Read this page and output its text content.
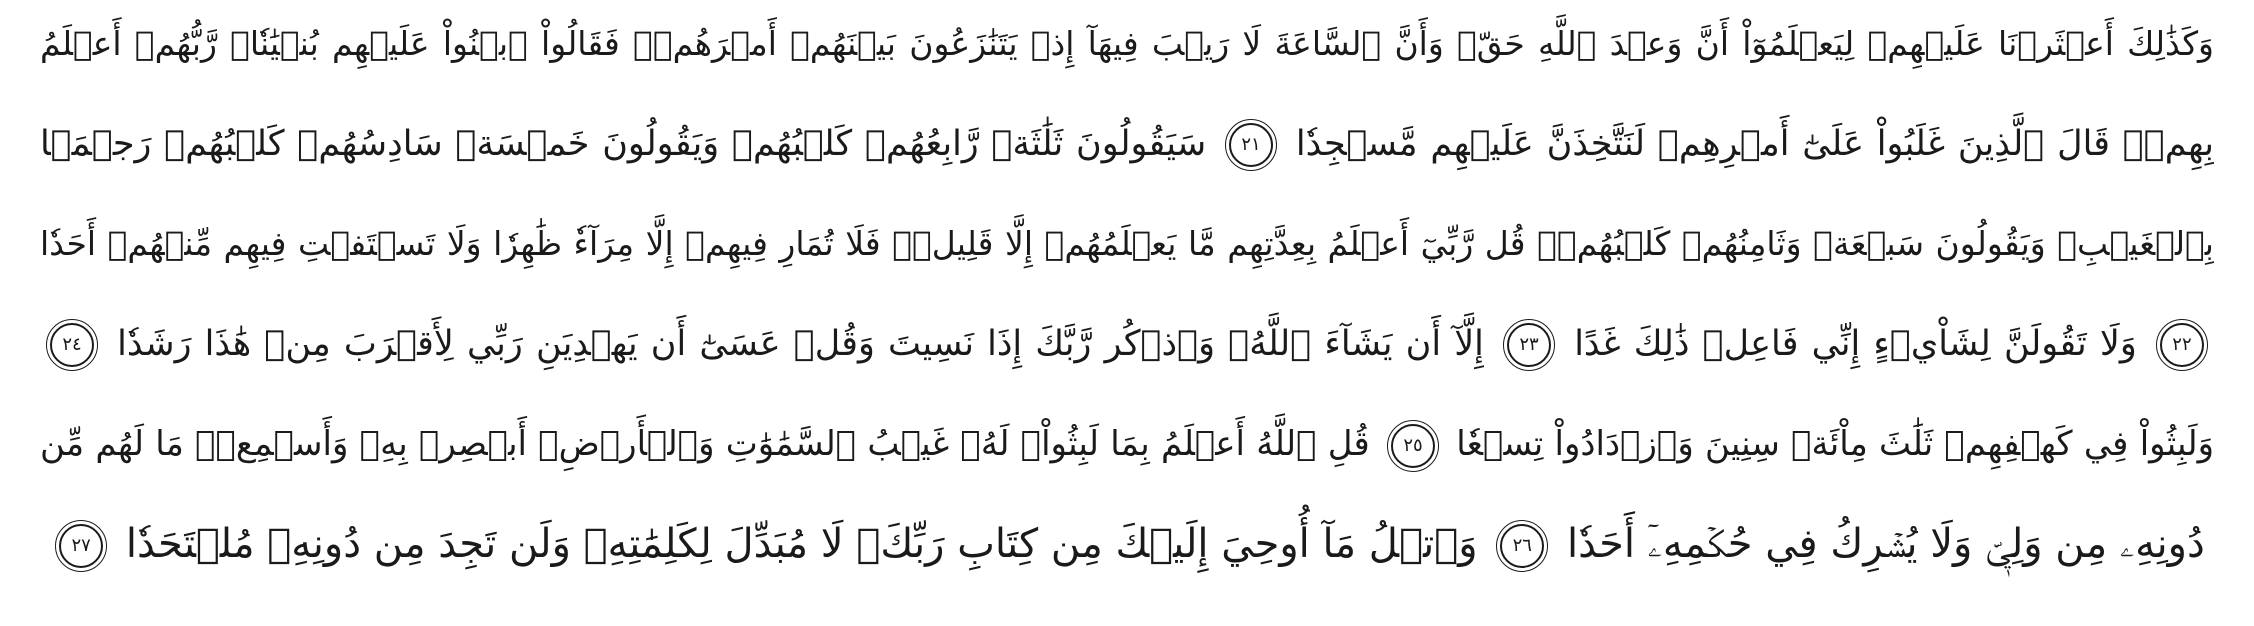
وَكَذَٰلِكَ أَعۡثَرۡنَا عَلَيۡهِمۡ لِيَعۡلَمُوٓاْ أَنَّ وَعۡدَ ٱللَّهِ حَقّٞ وَأَنَّ ٱلسَّاعَةَ لَا رَيۡبَ فِيهَآ إِذۡ يَتَنَٰزَعُونَ بَيۡنَهُمۡ أَمۡرَهُمۡۖ فَقَالُواْ ٱبۡنُواْ عَلَيۡهِم بُنۡيَٰنٗاۖ رَّبُّهُمۡ أَعۡلَمُ
بِهِمۡۚ قَالَ ٱلَّذِينَ غَلَبُواْ عَلَىٰٓ أَمۡرِهِمۡ لَنَتَّخِذَنَّ عَلَيۡهِم مَّسۡجِدٗا ٢١ سَيَقُولُونَ ثَلَٰثَةٞ رَّابِعُهُمۡ كَلۡبُهُمۡ وَيَقُولُونَ خَمۡسَةٞ سَادِسُهُمۡ كَلۡبُهُمۡ رَجۡمَۢا
بِٱلۡغَيۡبِۖ وَيَقُولُونَ سَبۡعَةٞ وَثَامِنُهُمۡ كَلۡبُهُمۡۚ قُل رَّبِّيٓ أَعۡلَمُ بِعِدَّتِهِم مَّا يَعۡلَمُهُمۡ إِلَّا قَلِيلٞۗ فَلَا تُمَارِ فِيهِمۡ إِلَّا مِرَآءٗ ظَٰهِرٗا وَلَا تَسۡتَفۡتِ فِيهِم مِّنۡهُمۡ أَحَدٗا
٢٢ وَلَا تَقُولَنَّ لِشَاْيۡءٍ إِنِّي فَاعِلٞ ذَٰلِكَ غَدًا ٢٣ إِلَّآ أَن يَشَآءَ ٱللَّهُۚ وَٱذۡكُر رَّبَّكَ إِذَا نَسِيتَ وَقُلۡ عَسَىٰٓ أَن يَهۡدِيَنِ رَبِّي لِأَقۡرَبَ مِنۡ هَٰذَا رَشَدٗا ٢٤
وَلَبِثُواْ فِي كَهۡفِهِمۡ ثَلَٰثَ مِاْئَةٖ سِنِينَ وَٱزۡدَادُواْ تِسۡعٗا ٢٥ قُلِ ٱللَّهُ أَعۡلَمُ بِمَا لَبِثُواْۖ لَهُۥ غَيۡبُ ٱلسَّمَٰوَٰتِ وَٱلۡأَرۡضِۖ أَبۡصِرۡ بِهِۦ وَأَسۡمِعۡۚ مَا لَهُم مِّن
دُونِهِۦ مِن وَلِيّٖ وَلَا يُشۡرِكُ فِي حُكۡمِهِۦٓ أَحَدٗا ٢٦ وَٱتۡلُ مَآ أُوحِيَ إِلَيۡكَ مِن كِتَابِ رَبِّكَۖ لَا مُبَدِّلَ لِكَلِمَٰتِهِۦ وَلَن تَجِدَ مِن دُونِهِۦ مُلۡتَحَدٗا ٢٧
